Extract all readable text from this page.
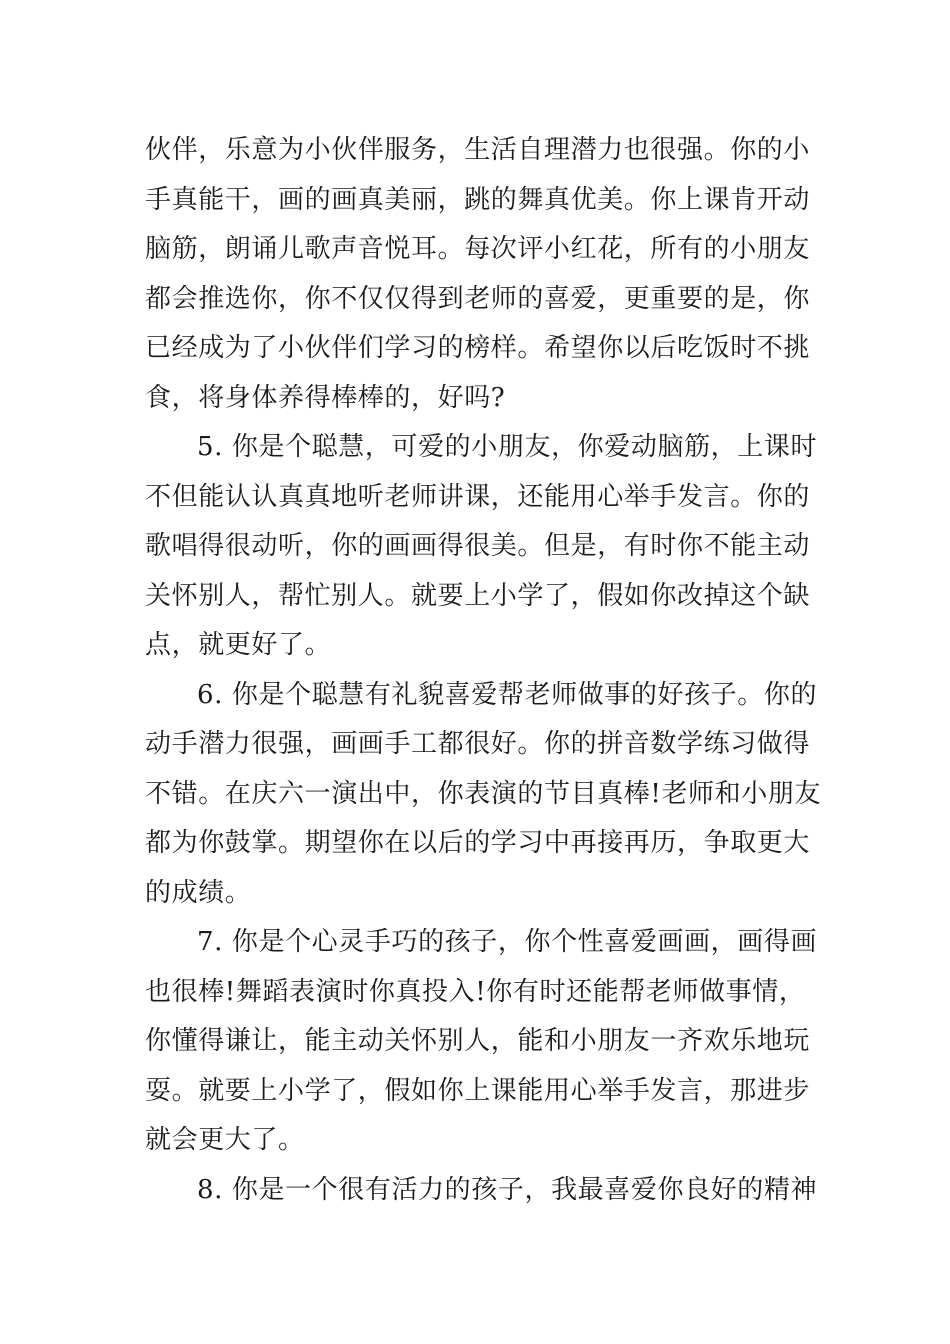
伙伴，乐意为小伙伴服务，生活自理潜力也很强。你的小
手真能干，画的画真美丽，跳的舞真优美。你上课肯开动
脑筋，朗诵儿歌声音悦耳。每次评小红花，所有的小朋友
都会推选你，你不仅仅得到老师的喜爱，更重要的是，你
已经成为了小伙伴们学习的榜样。希望你以后吃饭时不挑
食，将身体养得棒棒的，好吗?
5. 你是个聪慧，可爱的小朋友，你爱动脑筋，上课时
不但能认认真真地听老师讲课，还能用心举手发言。你的
歌唱得很动听，你的画画得很美。但是，有时你不能主动
关怀别人，帮忙别人。就要上小学了，假如你改掉这个缺
点，就更好了。
6. 你是个聪慧有礼貌喜爱帮老师做事的好孩子。你的
动手潜力很强，画画手工都很好。你的拼音数学练习做得
不错。在庆六一演出中，你表演的节目真棒!老师和小朋友
都为你鼓掌。期望你在以后的学习中再接再历，争取更大
的成绩。
7. 你是个心灵手巧的孩子，你个性喜爱画画，画得画
也很棒!舞蹈表演时你真投入!你有时还能帮老师做事情，
你懂得谦让，能主动关怀别人，能和小朋友一齐欢乐地玩
耍。就要上小学了，假如你上课能用心举手发言，那进步
就会更大了。
8. 你是一个很有活力的孩子，我最喜爱你良好的精神
